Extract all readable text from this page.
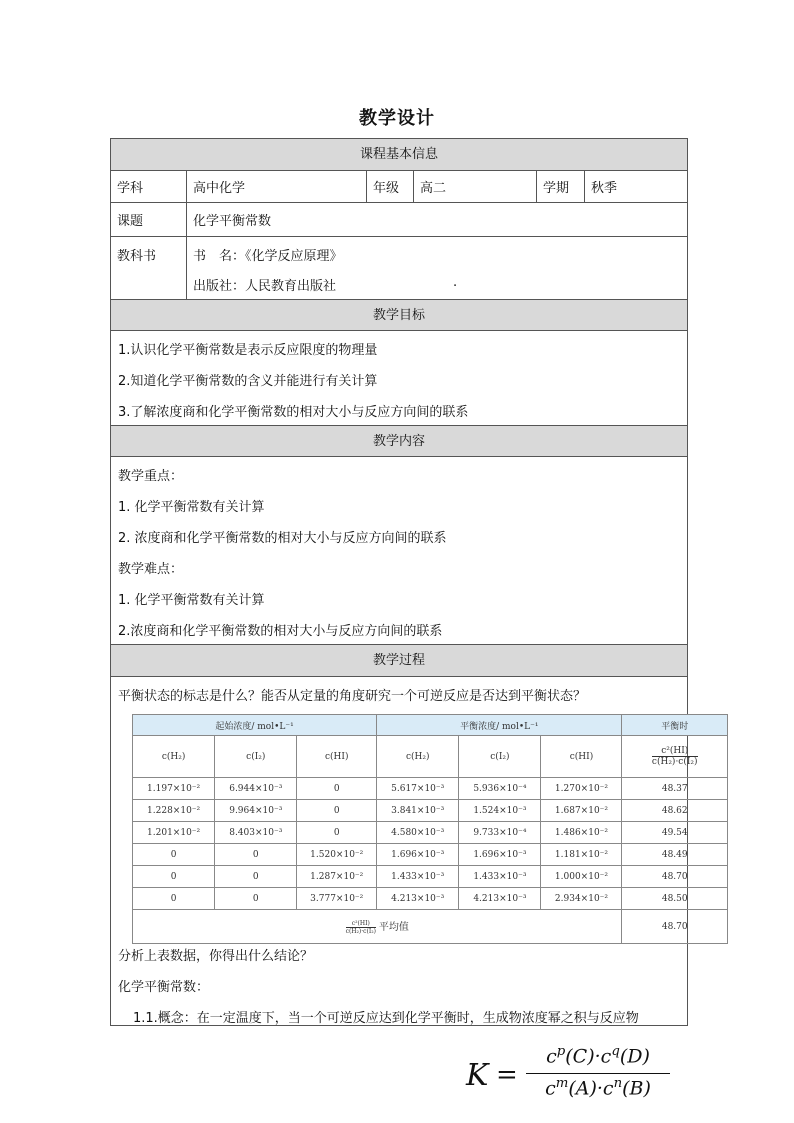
教学设计
课程基本信息
学科	高中化学	年级	高二	学期	秋季
课题	化学平衡常数
教科书	书　名：《化学反应原理》
出版社：人民教育出版社	.
教学目标
1.认识化学平衡常数是表示反应限度的物理量
2.知道化学平衡常数的含义并能进行有关计算
3.了解浓度商和化学平衡常数的相对大小与反应方向间的联系
教学内容
教学重点：
1. 化学平衡常数有关计算
2. 浓度商和化学平衡常数的相对大小与反应方向间的联系
教学难点：
1. 化学平衡常数有关计算
2.浓度商和化学平衡常数的相对大小与反应方向间的联系
教学过程
平衡状态的标志是什么？能否从定量的角度研究一个可逆反应是否达到平衡状态？
分析上表数据，你得出什么结论？
化学平衡常数：
1.1.概念：在一定温度下，当一个可逆反应达到化学平衡时，生成物浓度幂之积与反应物
起始浓度/ mol•L⁻¹			平衡浓度/ mol•L⁻¹			平衡时
c(H₂)	c(I₂)	c(HI)	c(H₂)	c(I₂)	c(HI)	$\frac{\text{c²(HI)}}{\text{c(H₂)·c(I₂)}}$

1.197×10⁻²	6.944×10⁻³	0	5.617×10⁻³	5.936×10⁻⁴	1.270×10⁻²	48.37
1.228×10⁻²	9.964×10⁻³	0	3.841×10⁻³	1.524×10⁻³	1.687×10⁻²	48.62
1.201×10⁻²	8.403×10⁻³	0	4.580×10⁻³	9.733×10⁻⁴	1.486×10⁻²	49.54
0	0	1.520×10⁻²	1.696×10⁻³	1.696×10⁻³	1.181×10⁻²	48.49
0	0	1.287×10⁻²	1.433×10⁻³	1.433×10⁻³	1.000×10⁻²	48.70
0	0	3.777×10⁻²	4.213×10⁻³	4.213×10⁻³	2.934×10⁻²	48.50

$\frac{\text{c²(HI)}}{\text{c(H₂)·c(I₂)}}$ 平均值						48.70
K =
$c^p(C)\cdot c^q(D)$
$c^m(A)\cdot c^n(B)$
